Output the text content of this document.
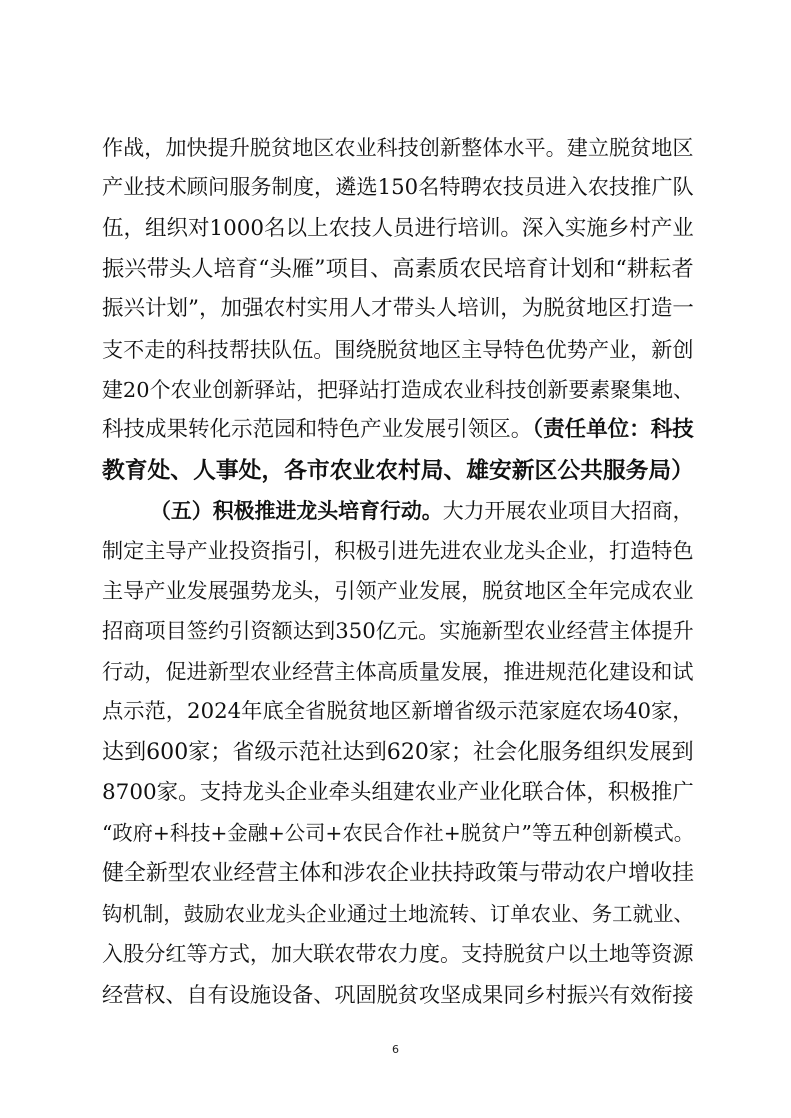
作战，加快提升脱贫地区农业科技创新整体水平。建立脱贫地区
产业技术顾问服务制度，遴选150名特聘农技员进入农技推广队
伍，组织对1000名以上农技人员进行培训。深入实施乡村产业
振兴带头人培育“头雁”项目、高素质农民培育计划和“耕耘者
振兴计划”，加强农村实用人才带头人培训，为脱贫地区打造一
支不走的科技帮扶队伍。围绕脱贫地区主导特色优势产业，新创
建20个农业创新驿站，把驿站打造成农业科技创新要素聚集地、
科技成果转化示范园和特色产业发展引领区。（责任单位：科技
教育处、人事处，各市农业农村局、雄安新区公共服务局）
（五）积极推进龙头培育行动。大力开展农业项目大招商，
制定主导产业投资指引，积极引进先进农业龙头企业，打造特色
主导产业发展强势龙头，引领产业发展，脱贫地区全年完成农业
招商项目签约引资额达到350亿元。实施新型农业经营主体提升
行动，促进新型农业经营主体高质量发展，推进规范化建设和试
点示范，2024年底全省脱贫地区新增省级示范家庭农场40家，
达到600家；省级示范社达到620家；社会化服务组织发展到
8700家。支持龙头企业牵头组建农业产业化联合体，积极推广
“政府+科技+金融+公司+农民合作社+脱贫户”等五种创新模式。
健全新型农业经营主体和涉农企业扶持政策与带动农户增收挂
钩机制，鼓励农业龙头企业通过土地流转、订单农业、务工就业、
入股分红等方式，加大联农带农力度。支持脱贫户以土地等资源
经营权、自有设施设备、巩固脱贫攻坚成果同乡村振兴有效衔接
6
